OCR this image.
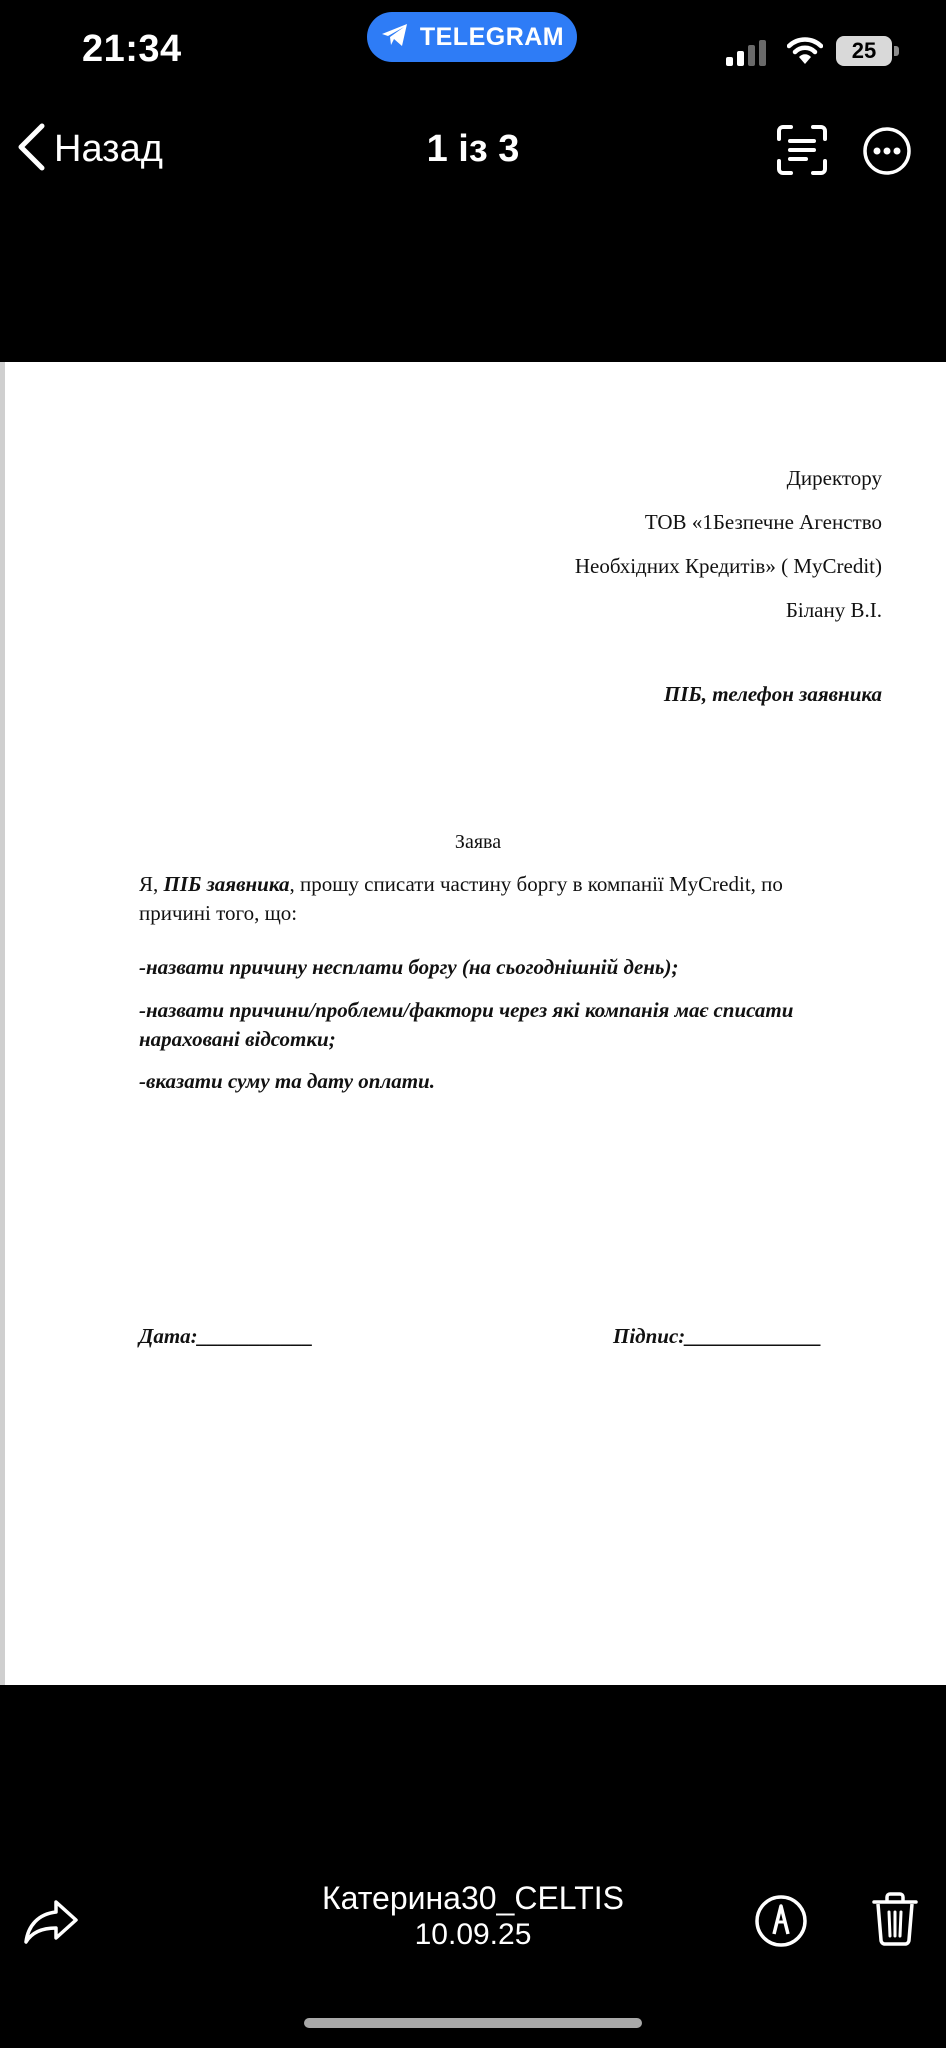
21:34	TELEGRAM	25
Назад	1 із 3
Директору
ТОВ «1Безпечне Агенство
Необхідних Кредитів» ( MyCredit)
Білану В.І.
ПІБ, телефон заявника
Заява
Я, ПІБ заявника, прошу списати частину боргу в компанії MyCredit, по причині того, що:
-назвати причину несплати боргу (на сьогоднішній день);
-назвати причини/проблеми/фактори через які компанія має списати нараховані відсотки;
-вказати суму та дату оплати.
Дата:___________	Підпис:_____________
Катерина30_CELTIS
10.09.25
